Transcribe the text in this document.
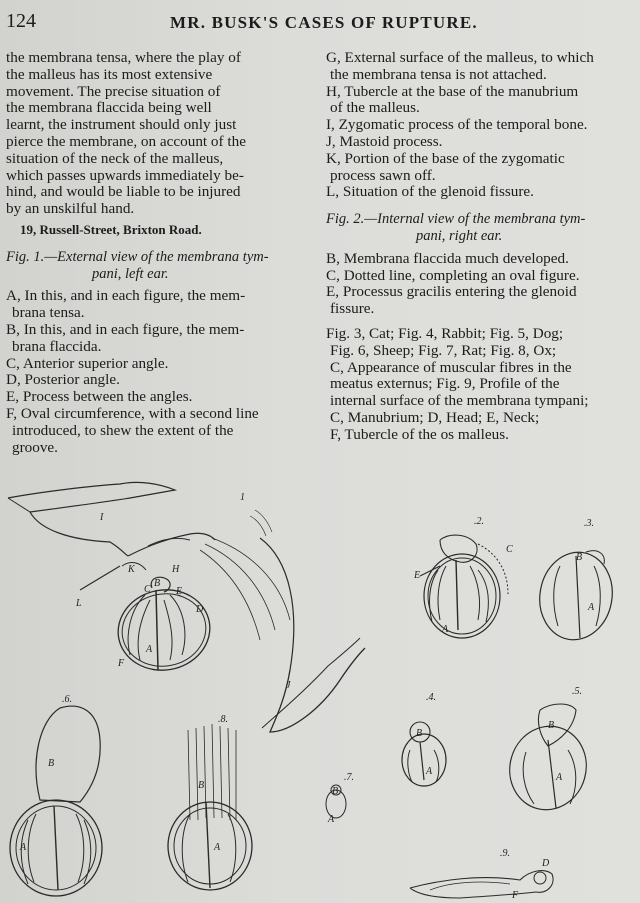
124	MR. BUSK'S CASES OF RUPTURE.
the membrana tensa, where the play of
the malleus has its most extensive
movement. The precise situation of
the membrana flaccida being well
learnt, the instrument should only just
pierce the membrane, on account of the
situation of the neck of the malleus,
which passes upwards immediately be-
hind, and would be liable to be injured
by an unskilful hand.
19, Russell-Street, Brixton Road.
Fig. 1.—External view of the membrana tym-
pani, left ear.
A, In this, and in each figure, the mem-
brana tensa.
B, In this, and in each figure, the mem-
brana flaccida.
C, Anterior superior angle.
D, Posterior angle.
E, Process between the angles.
F, Oval circumference, with a second line
introduced, to shew the extent of the
groove.
G, External surface of the malleus, to which
the membrana tensa is not attached.
H, Tubercle at the base of the manubrium
of the malleus.
I, Zygomatic process of the temporal bone.
J, Mastoid process.
K, Portion of the base of the zygomatic
process sawn off.
L, Situation of the glenoid fissure.
Fig. 2.—Internal view of the membrana tym-
pani, right ear.
B, Membrana flaccida much developed.
C, Dotted line, completing an oval figure.
E, Processus gracilis entering the glenoid
fissure.
Fig. 3, Cat; Fig. 4, Rabbit; Fig. 5, Dog;
Fig. 6, Sheep; Fig. 7, Rat; Fig. 8, Ox;
C, Appearance of muscular fibres in the
meatus externus; Fig. 9, Profile of the
internal surface of the membrana tympani;
C, Manubrium; D, Head; E, Neck;
F, Tubercle of the os malleus.
I
1
K	H
B
C	E
D
A
L
F
J
.2.
C
E
A
.3.
B
A
.4.
B
A
.5.
B
A
.6.
B
A
.7.
B
A
.8.
B
A
.9.
D
F
